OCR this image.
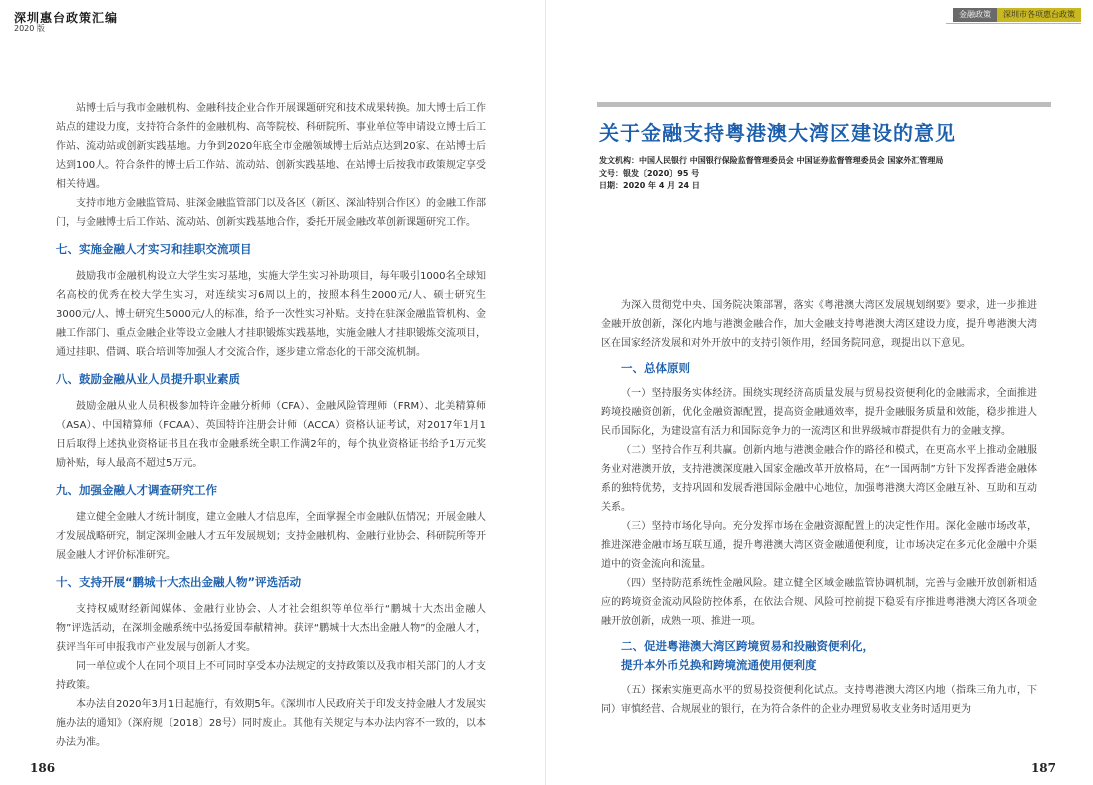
深圳惠台政策汇编
2020 版

站博士后与我市金融机构、金融科技企业合作开展课题研究和技术成果转换。加大博士后工作站点的建设力度，支持符合条件的金融机构、高等院校、科研院所、事业单位等申请设立博士后工作站、流动站或创新实践基地。力争到2020年底全市金融领域博士后站点达到20家、在站博士后达到100人。符合条件的博士后工作站、流动站、创新实践基地、在站博士后按我市政策规定享受相关待遇。

支持市地方金融监管局、驻深金融监管部门以及各区（新区、深汕特别合作区）的金融工作部门，与金融博士后工作站、流动站、创新实践基地合作，委托开展金融改革创新课题研究工作。

七、实施金融人才实习和挂职交流项目

鼓励我市金融机构设立大学生实习基地，实施大学生实习补助项目，每年吸引1000名全球知名高校的优秀在校大学生实习，对连续实习6周以上的，按照本科生2000元/人、硕士研究生3000元/人、博士研究生5000元/人的标准，给予一次性实习补贴。支持在驻深金融监管机构、金融工作部门、重点金融企业等设立金融人才挂职锻炼实践基地，实施金融人才挂职锻炼交流项目，通过挂职、借调、联合培训等加强人才交流合作，逐步建立常态化的干部交流机制。

八、鼓励金融从业人员提升职业素质

鼓励金融从业人员积极参加特许金融分析师（CFA）、金融风险管理师（FRM）、北美精算师（ASA）、中国精算师（FCAA）、英国特许注册会计师（ACCA）资格认证考试，对2017年1月1日后取得上述执业资格证书且在我市金融系统全职工作满2年的，每个执业资格证书给予1万元奖励补贴，每人最高不超过5万元。

九、加强金融人才调查研究工作

建立健全金融人才统计制度，建立金融人才信息库，全面掌握全市金融队伍情况；开展金融人才发展战略研究，制定深圳金融人才五年发展规划；支持金融机构、金融行业协会、科研院所等开展金融人才评价标准研究。

十、支持开展“鹏城十大杰出金融人物”评选活动

支持权威财经新闻媒体、金融行业协会、人才社会组织等单位举行“鹏城十大杰出金融人物”评选活动，在深圳金融系统中弘扬爱国奉献精神。获评“鹏城十大杰出金融人物”的金融人才，获评当年可申报我市产业发展与创新人才奖。

同一单位或个人在同个项目上不可同时享受本办法规定的支持政策以及我市相关部门的人才支持政策。

本办法自2020年3月1日起施行，有效期5年。《深圳市人民政府关于印发支持金融人才发展实施办法的通知》（深府规〔2018〕28号）同时废止。其他有关规定与本办法内容不一致的，以本办法为准。

186
金融政策	深圳市各项惠台政策
关于金融支持粤港澳大湾区建设的意见
发文机构：中国人民银行 中国银行保险监督管理委员会 中国证券监督管理委员会 国家外汇管理局
文号：银发〔2020〕95 号
日期：2020 年 4 月 24 日

为深入贯彻党中央、国务院决策部署，落实《粤港澳大湾区发展规划纲要》要求，进一步推进金融开放创新，深化内地与港澳金融合作，加大金融支持粤港澳大湾区建设力度，提升粤港澳大湾区在国家经济发展和对外开放中的支持引领作用，经国务院同意，现提出以下意见。

一、总体原则

（一）坚持服务实体经济。围绕实现经济高质量发展与贸易投资便利化的金融需求，全面推进跨境投融资创新，优化金融资源配置，提高资金融通效率，提升金融服务质量和效能，稳步推进人民币国际化，为建设富有活力和国际竞争力的一流湾区和世界级城市群提供有力的金融支撑。

（二）坚持合作互利共赢。创新内地与港澳金融合作的路径和模式，在更高水平上推动金融服务业对港澳开放，支持港澳深度融入国家金融改革开放格局，在“一国两制”方针下发挥香港金融体系的独特优势，支持巩固和发展香港国际金融中心地位，加强粤港澳大湾区金融互补、互助和互动关系。

（三）坚持市场化导向。充分发挥市场在金融资源配置上的决定性作用。深化金融市场改革，推进深港金融市场互联互通，提升粤港澳大湾区资金融通便利度，让市场决定在多元化金融中介渠道中的资金流向和流量。

（四）坚持防范系统性金融风险。建立健全区域金融监管协调机制，完善与金融开放创新相适应的跨境资金流动风险防控体系，在依法合规、风险可控前提下稳妥有序推进粤港澳大湾区各项金融开放创新，成熟一项、推进一项。

二、促进粤港澳大湾区跨境贸易和投融资便利化，
提升本外币兑换和跨境流通使用便利度

（五）探索实施更高水平的贸易投资便利化试点。支持粤港澳大湾区内地（指珠三角九市，下同）审慎经营、合规展业的银行，在为符合条件的企业办理贸易收支业务时适用更为

187
